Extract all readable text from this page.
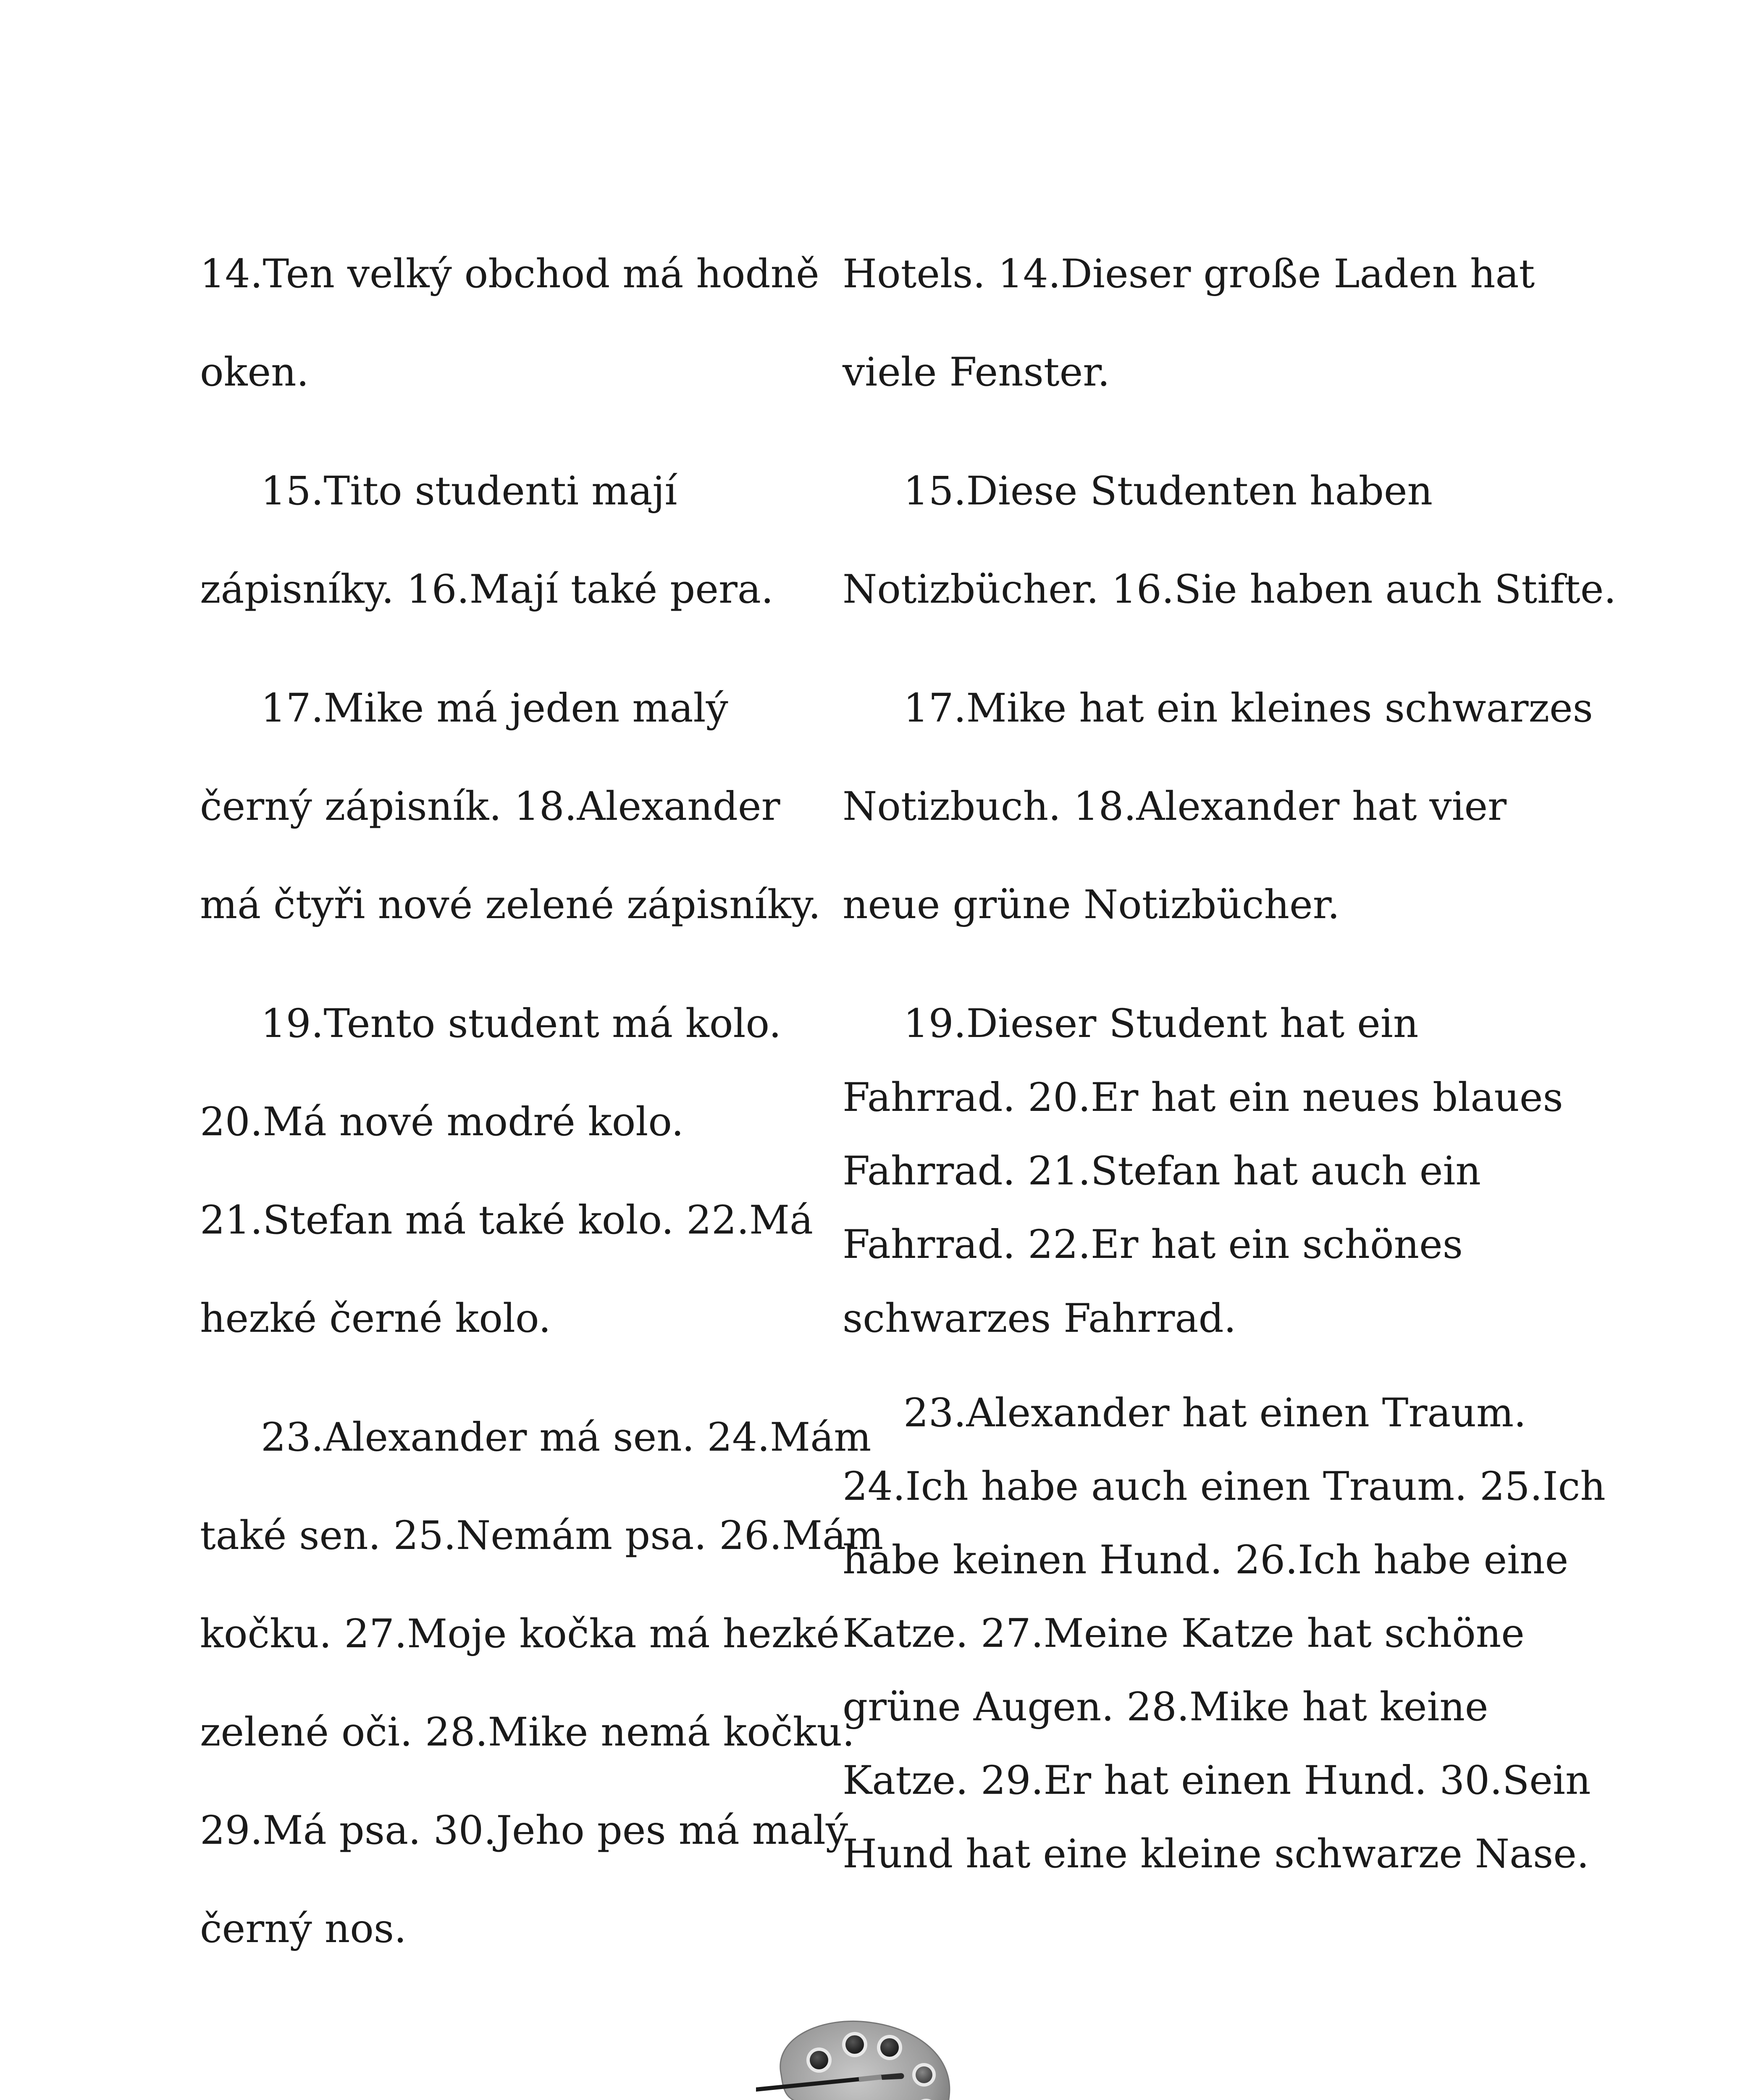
14.Ten velký obchod má hodně
oken.
15.Tito studenti mají
zápisníky. 16.Mají také pera.
17.Mike má jeden malý
černý zápisník. 18.Alexander
má čtyři nové zelené zápisníky.
19.Tento student má kolo.
20.Má nové modré kolo.
21.Stefan má také kolo. 22.Má
hezké černé kolo.
23.Alexander má sen. 24.Mám
také sen. 25.Nemám psa. 26.Mám
kočku. 27.Moje kočka má hezké
zelené oči. 28.Mike nemá kočku.
29.Má psa. 30.Jeho pes má malý
černý nos.
Hotels. 14.Dieser große Laden hat
viele Fenster.
15.Diese Studenten haben
Notizbücher. 16.Sie haben auch Stifte.
17.Mike hat ein kleines schwarzes
Notizbuch. 18.Alexander hat vier
neue grüne Notizbücher.
19.Dieser Student hat ein
Fahrrad. 20.Er hat ein neues blaues
Fahrrad. 21.Stefan hat auch ein
Fahrrad. 22.Er hat ein schönes
schwarzes Fahrrad.
23.Alexander hat einen Traum.
24.Ich habe auch einen Traum. 25.Ich
habe keinen Hund. 26.Ich habe eine
Katze. 27.Meine Katze hat schöne
grüne Augen. 28.Mike hat keine
Katze. 29.Er hat einen Hund. 30.Sein
Hund hat eine kleine schwarze Nase.
